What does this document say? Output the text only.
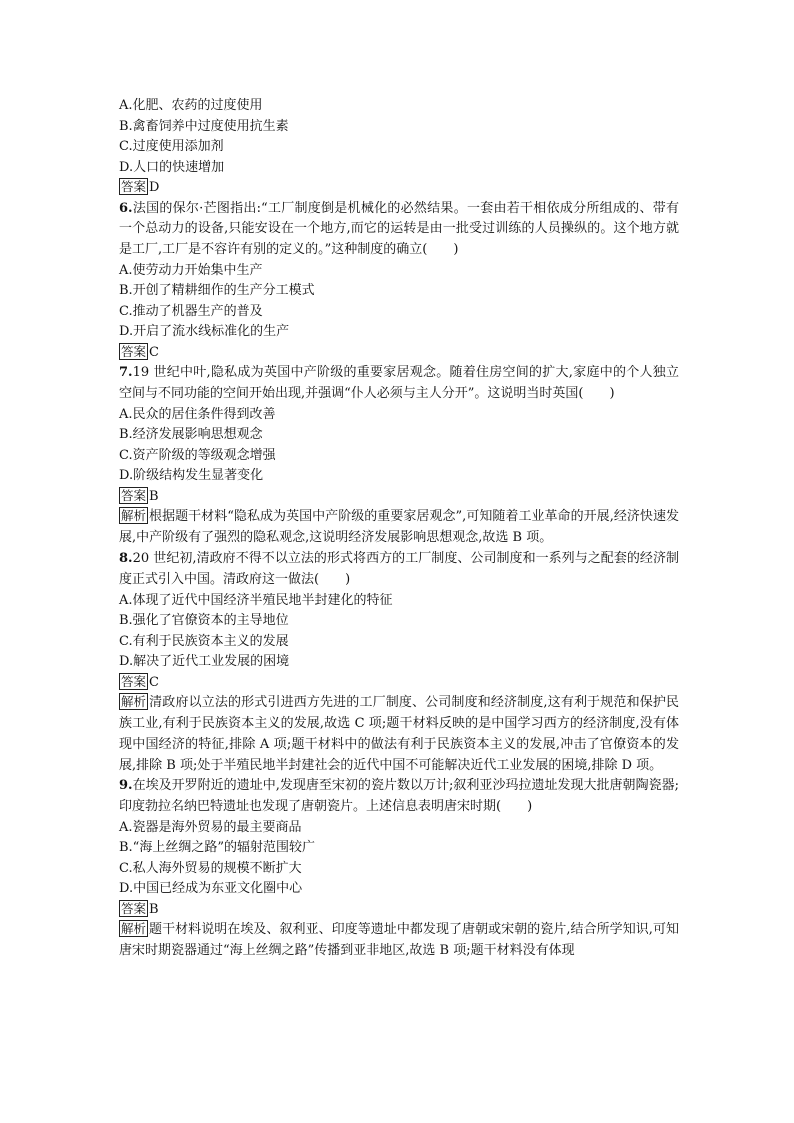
A.化肥、农药的过度使用
B.禽畜饲养中过度使用抗生素
C.过度使用添加剂
D.人口的快速增加
答案 D
6.法国的保尔·芒图指出:“工厂制度倒是机械化的必然结果。一套由若干相依成分所组成的、带有一个总动力的设备,只能安设在一个地方,而它的运转是由一批受过训练的人员操纵的。这个地方就是工厂,工厂是不容许有别的定义的。”这种制度的确立(　　)
A.使劳动力开始集中生产
B.开创了精耕细作的生产分工模式
C.推动了机器生产的普及
D.开启了流水线标准化的生产
答案 C
7.19 世纪中叶,隐私成为英国中产阶级的重要家居观念。随着住房空间的扩大,家庭中的个人独立空间与不同功能的空间开始出现,并强调“仆人必须与主人分开”。这说明当时英国(　　)
A.民众的居住条件得到改善
B.经济发展影响思想观念
C.资产阶级的等级观念增强
D.阶级结构发生显著变化
答案 B
解析 根据题干材料“隐私成为英国中产阶级的重要家居观念”,可知随着工业革命的开展,经济快速发展,中产阶级有了强烈的隐私观念,这说明经济发展影响思想观念,故选 B 项。
8.20 世纪初,清政府不得不以立法的形式将西方的工厂制度、公司制度和一系列与之配套的经济制度正式引入中国。清政府这一做法(　　)
A.体现了近代中国经济半殖民地半封建化的特征
B.强化了官僚资本的主导地位
C.有利于民族资本主义的发展
D.解决了近代工业发展的困境
答案 C
解析 清政府以立法的形式引进西方先进的工厂制度、公司制度和经济制度,这有利于规范和保护民族工业,有利于民族资本主义的发展,故选 C 项;题干材料反映的是中国学习西方的经济制度,没有体现中国经济的特征,排除 A 项;题干材料中的做法有利于民族资本主义的发展,冲击了官僚资本的发展,排除 B 项;处于半殖民地半封建社会的近代中国不可能解决近代工业发展的困境,排除 D 项。
9.在埃及开罗附近的遗址中,发现唐至宋初的瓷片数以万计;叙利亚沙玛拉遗址发现大批唐朝陶瓷器;印度勃拉名纳巴特遗址也发现了唐朝瓷片。上述信息表明唐宋时期(　　)
A.瓷器是海外贸易的最主要商品
B.“海上丝绸之路”的辐射范围较广
C.私人海外贸易的规模不断扩大
D.中国已经成为东亚文化圈中心
答案 B
解析 题干材料说明在埃及、叙利亚、印度等遗址中都发现了唐朝或宋朝的瓷片,结合所学知识,可知唐宋时期瓷器通过“海上丝绸之路”传播到亚非地区,故选 B 项;题干材料没有体现
